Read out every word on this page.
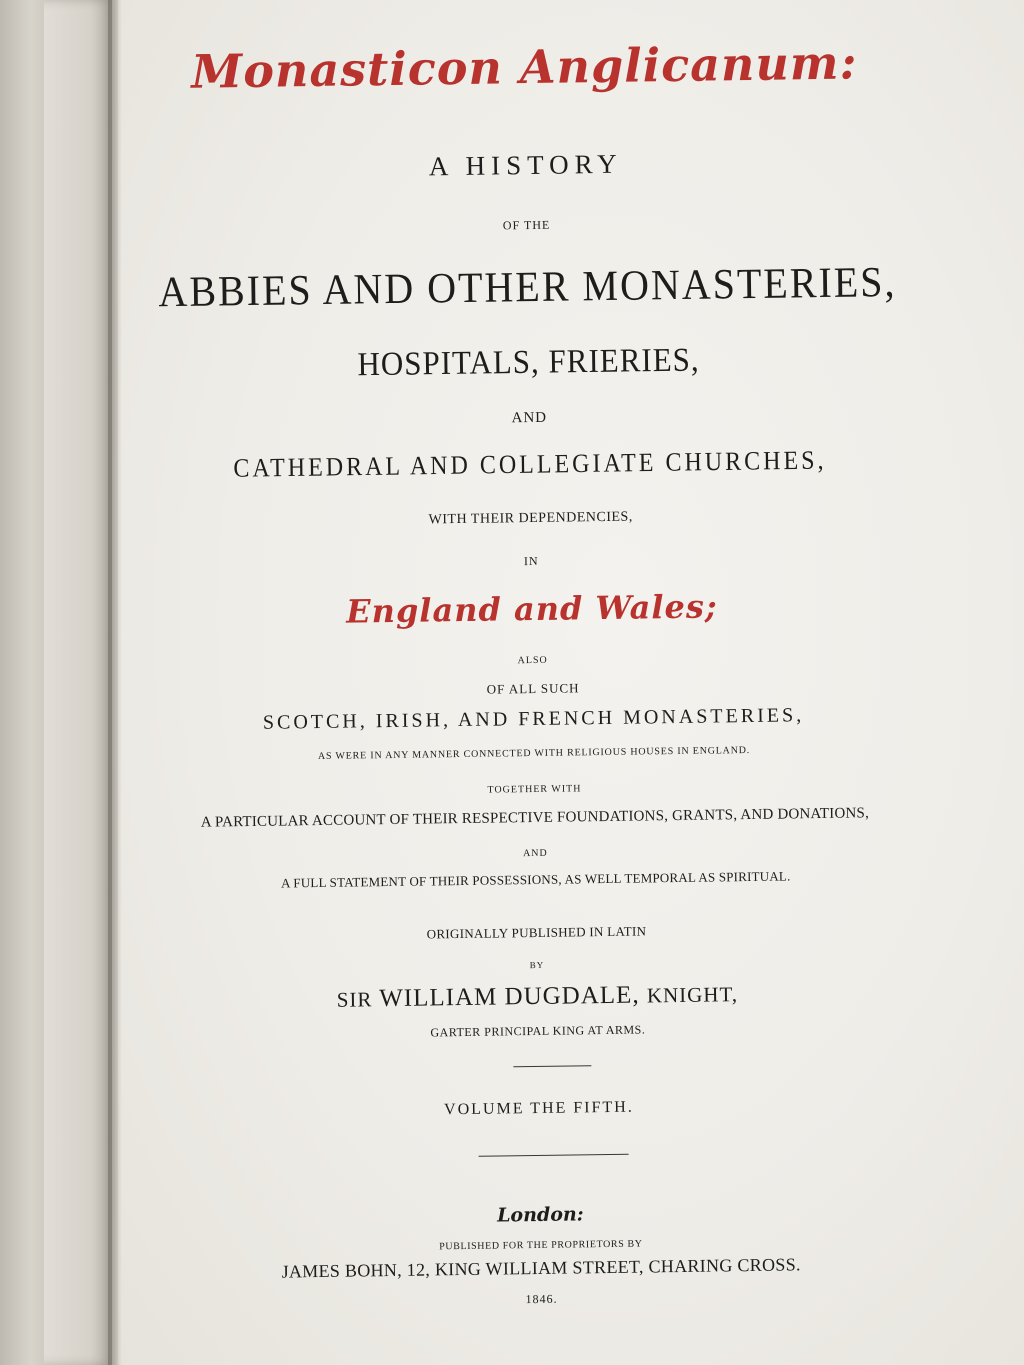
Monasticon Anglicanum:
A HISTORY
OF THE
ABBIES AND OTHER MONASTERIES,
HOSPITALS, FRIERIES,
AND
CATHEDRAL AND COLLEGIATE CHURCHES,
WITH THEIR DEPENDENCIES,
IN
England and Wales;
ALSO
OF ALL SUCH
SCOTCH, IRISH, AND FRENCH MONASTERIES,
AS WERE IN ANY MANNER CONNECTED WITH RELIGIOUS HOUSES IN ENGLAND.
TOGETHER WITH
A PARTICULAR ACCOUNT OF THEIR RESPECTIVE FOUNDATIONS, GRANTS, AND DONATIONS,
AND
A FULL STATEMENT OF THEIR POSSESSIONS, AS WELL TEMPORAL AS SPIRITUAL.
ORIGINALLY PUBLISHED IN LATIN
BY
SIR WILLIAM DUGDALE, KNIGHT,
GARTER PRINCIPAL KING AT ARMS.
VOLUME THE FIFTH.
London:
PUBLISHED FOR THE PROPRIETORS BY
JAMES BOHN, 12, KING WILLIAM STREET, CHARING CROSS.
1846.
